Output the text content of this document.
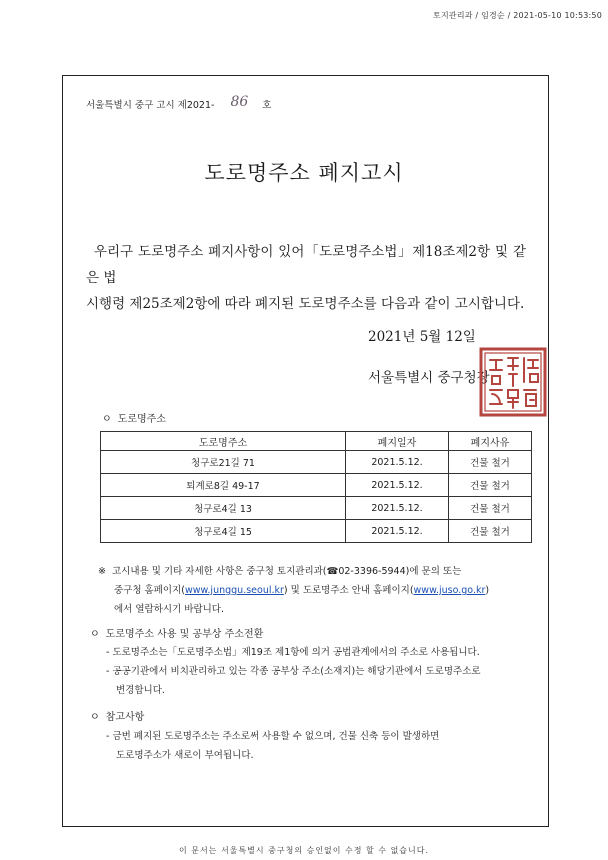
토지관리과 / 임경순 / 2021-05-10 10:53:50
서울특별시 중구 고시 제2021- 86 호
도로명주소 폐지고시

우리구 도로명주소 폐지사항이 있어「도로명주소법」제18조제2항 및 같은 법

시행령 제25조제2항에 따라 폐지된 도로명주소를 다음과 같이 고시합니다.

2021년 5월 12일
서울특별시 중구청장
ㅇ 도로명주소
도로명주소	폐지일자	폐지사유
청구로21길 71	2021.5.12.	건물 철거
퇴계로8길 49-17	2021.5.12.	건물 철거
청구로4길 13	2021.5.12.	건물 철거
청구로4길 15	2021.5.12.	건물 철거
※ 고시내용 및 기타 자세한 사항은 중구청 토지관리과(☎02-3396-5944)에 문의 또는
중구청 홈페이지(www.junggu.seoul.kr) 및 도로명주소 안내 홈페이지(www.juso.go.kr)
에서 열람하시기 바랍니다.
ㅇ 도로명주소 사용 및 공부상 주소전환
- 도로명주소는「도로명주소법」제19조 제1항에 의거 공법관계에서의 주소로 사용됩니다.
- 공공기관에서 비치관리하고 있는 각종 공부상 주소(소재지)는 해당기관에서 도로명주소로
변경합니다.
ㅇ 참고사항
- 금번 폐지된 도로명주소는 주소로써 사용할 수 없으며, 건물 신축 등이 발생하면
도로명주소가 새로이 부여됩니다.
이 문서는 서울특별시 중구청의 승인없이 수정 할 수 없습니다.
